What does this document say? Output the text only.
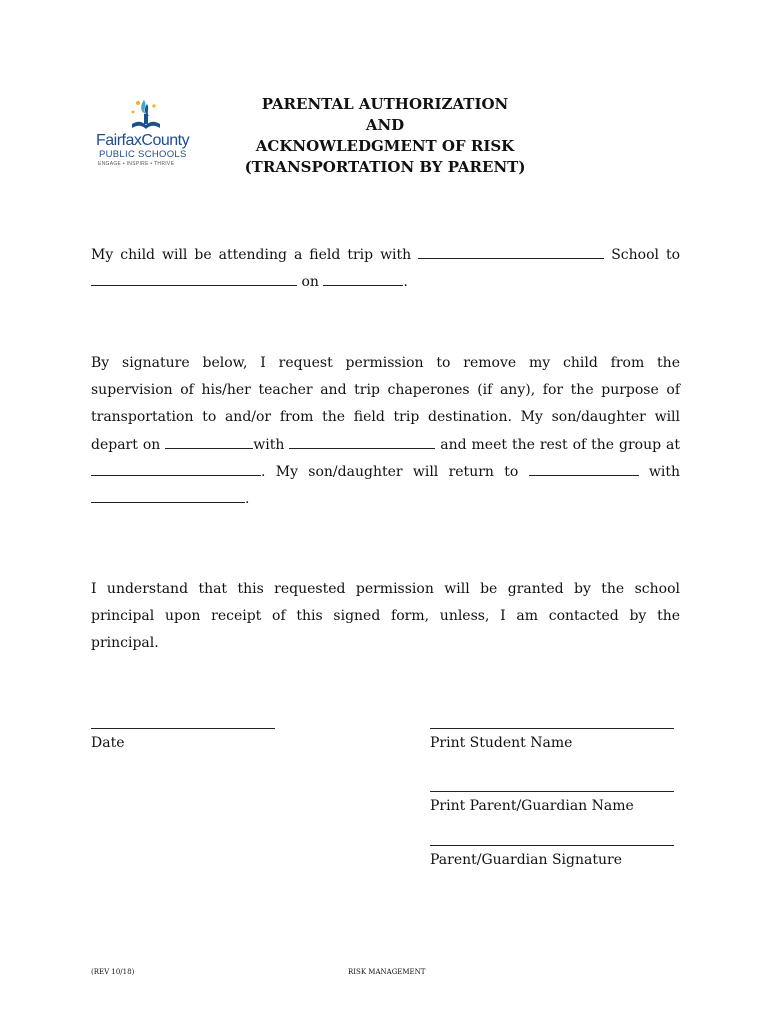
FairfaxCounty
PUBLIC SCHOOLS
ENGAGE • INSPIRE • THRIVE
PARENTAL AUTHORIZATION
AND
ACKNOWLEDGMENT OF RISK
(TRANSPORTATION BY PARENT)
My child will be attending a field trip with	School to
on	.
By signature below, I request permission to remove my child from the
supervision of his/her teacher and trip chaperones (if any), for the purpose of
transportation to and/or from the field trip destination. My son/daughter will
depart on	with	and meet the rest of the group at
. My son/daughter will return to	with
.
I understand that this requested permission will be granted by the school
principal upon receipt of this signed form, unless, I am contacted by the
principal.
Date	Print Student Name
Print Parent/Guardian Name
Parent/Guardian Signature
(REV 10/18)	RISK MANAGEMENT
